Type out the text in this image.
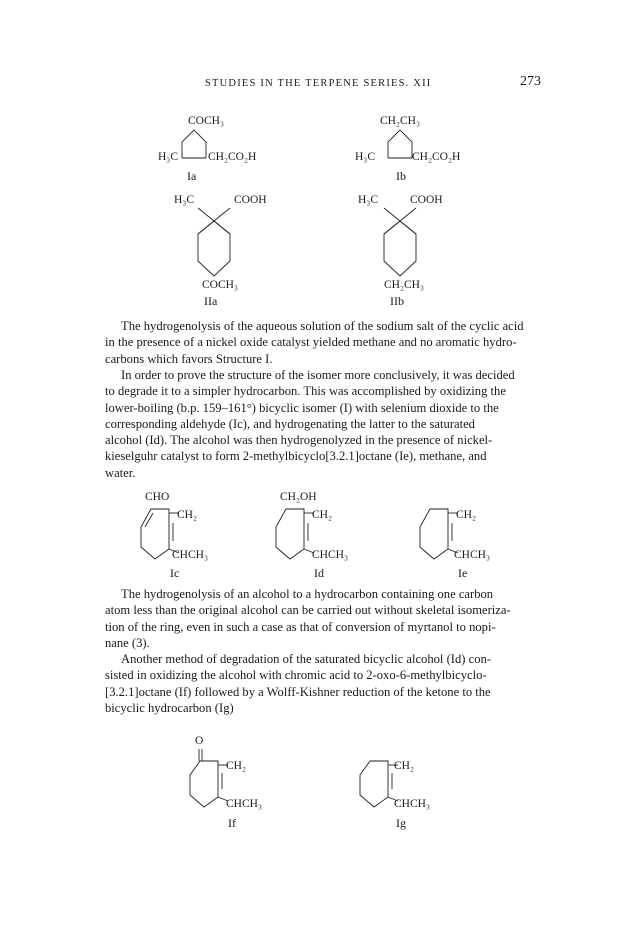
STUDIES IN THE TERPENE SERIES. XII	273
COCH₃
H₃C	CH₂CO₂H
Ia
CH₂CH₃
H₃C	CH₂CO₂H
Ib
H₃C	COOH
COCH₃
IIa
H₃C	COOH
CH₂CH₃
IIb
The hydrogenolysis of the aqueous solution of the sodium salt of the cyclic acid
in the presence of a nickel oxide catalyst yielded methane and no aromatic hydro-
carbons which favors Structure I.
In order to prove the structure of the isomer more conclusively, it was decided
to degrade it to a simpler hydrocarbon. This was accomplished by oxidizing the
lower-boiling (b.p. 159–161°) bicyclic isomer (I) with selenium dioxide to the
corresponding aldehyde (Ic), and hydrogenating the latter to the saturated
alcohol (Id). The alcohol was then hydrogenolyzed in the presence of nickel-
kieselguhr catalyst to form 2-methylbicyclo[3.2.1]octane (Ie), methane, and
water.
CHO
CH₂
CHCH₃
Ic
CH₂OH
CH₂
CHCH₃
Id
CH₂
CHCH₃
Ie
The hydrogenolysis of an alcohol to a hydrocarbon containing one carbon
atom less than the original alcohol can be carried out without skeletal isomeriza-
tion of the ring, even in such a case as that of conversion of myrtanol to nopi-
nane (3).
Another method of degradation of the saturated bicyclic alcohol (Id) con-
sisted in oxidizing the alcohol with chromic acid to 2-oxo-6-methylbicyclo-
[3.2.1]octane (If) followed by a Wolff-Kishner reduction of the ketone to the
bicyclic hydrocarbon (Ig)
O
CH₂
CHCH₃
If
CH₂
CHCH₃
Ig
